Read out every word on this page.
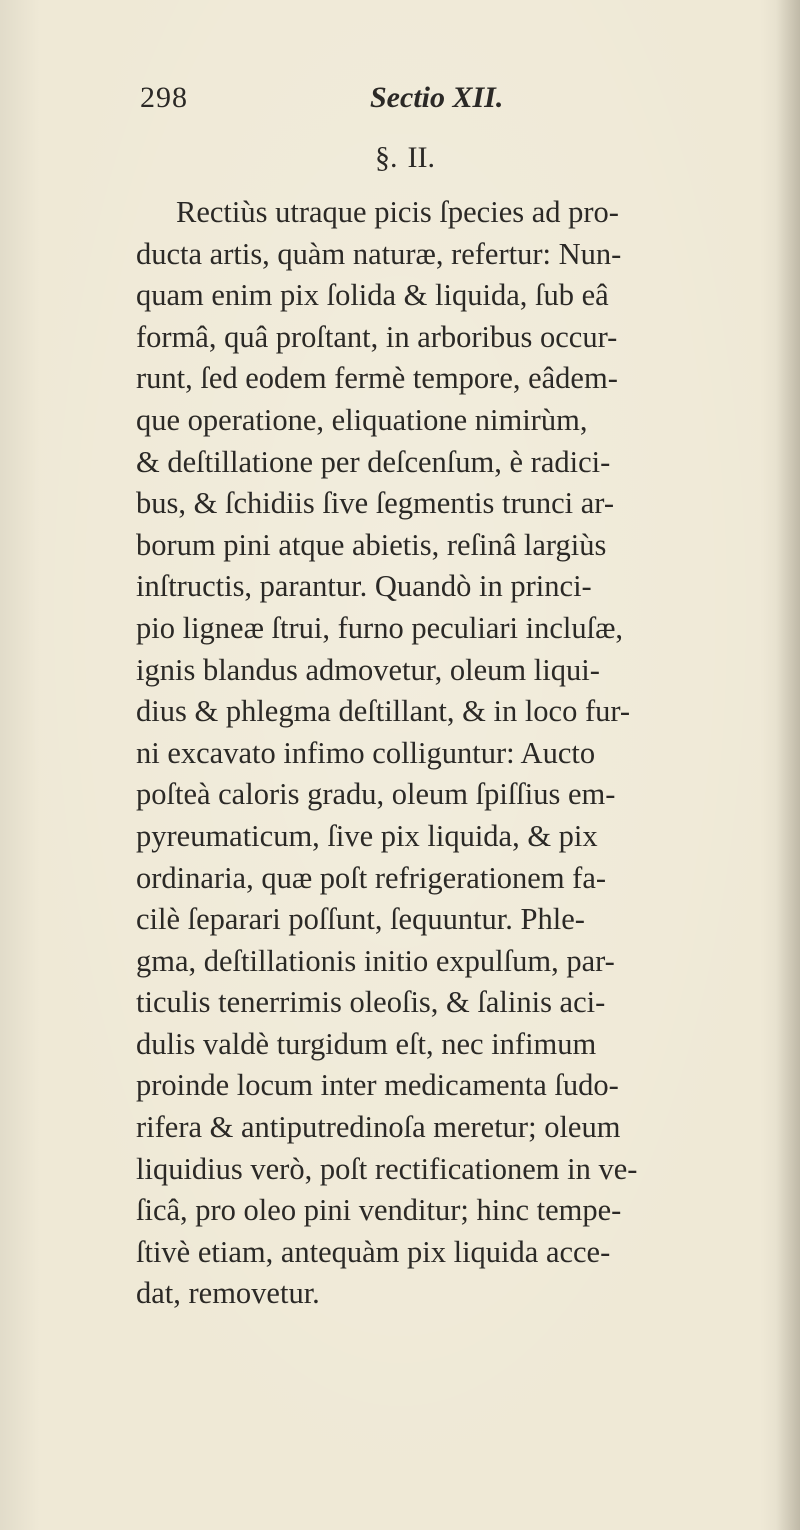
298	Sectio XII.
§. II.
Rectiùs utraque picis ſpecies ad pro-
ducta artis, quàm naturæ, refertur: Nun-
quam enim pix ſolida & liquida, ſub eâ
formâ, quâ proſtant, in arboribus occur-
runt, ſed eodem fermè tempore, eâdem-
que operatione, eliquatione nimirùm,
& deſtillatione per deſcenſum, è radici-
bus, & ſchidiis ſive ſegmentis trunci ar-
borum pini atque abietis, reſinâ largiùs
inſtructis, parantur. Quandò in princi-
pio ligneæ ſtrui, furno peculiari incluſæ,
ignis blandus admovetur, oleum liqui-
dius & phlegma deſtillant, & in loco fur-
ni excavato infimo colliguntur: Aucto
poſteà caloris gradu, oleum ſpiſſius em-
pyreumaticum, ſive pix liquida, & pix
ordinaria, quæ poſt refrigerationem fa-
cilè ſeparari poſſunt, ſequuntur. Phle-
gma, deſtillationis initio expulſum, par-
ticulis tenerrimis oleoſis, & ſalinis aci-
dulis valdè turgidum eſt, nec infimum
proinde locum inter medicamenta ſudo-
rifera & antiputredinoſa meretur; oleum
liquidius verò, poſt rectificationem in ve-
ſicâ, pro oleo pini venditur; hinc tempe-
ſtivè etiam, antequàm pix liquida acce-
dat, removetur.
